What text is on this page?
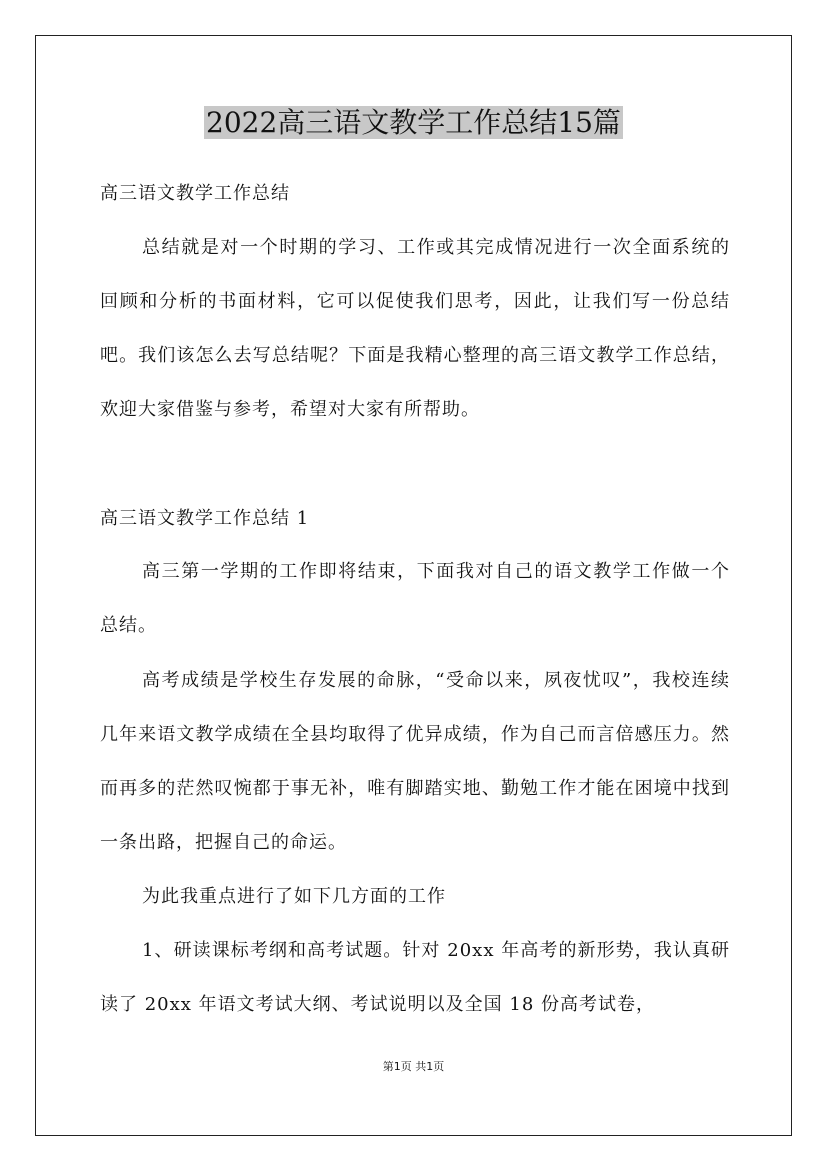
2022高三语文教学工作总结15篇

高三语文教学工作总结

总结就是对一个时期的学习、工作或其完成情况进行一次全面系统的回顾和分析的书面材料，它可以促使我们思考，因此，让我们写一份总结吧。我们该怎么去写总结呢？下面是我精心整理的高三语文教学工作总结，欢迎大家借鉴与参考，希望对大家有所帮助。

高三语文教学工作总结 1

高三第一学期的工作即将结束，下面我对自己的语文教学工作做一个总结。

高考成绩是学校生存发展的命脉，“受命以来，夙夜忧叹”，我校连续几年来语文教学成绩在全县均取得了优异成绩，作为自己而言倍感压力。然而再多的茫然叹惋都于事无补，唯有脚踏实地、勤勉工作才能在困境中找到一条出路，把握自己的命运。

为此我重点进行了如下几方面的工作

1、研读课标考纲和高考试题。针对 20xx 年高考的新形势，我认真研读了 20xx 年语文考试大纲、考试说明以及全国 18 份高考试卷，

第1页 共1页
